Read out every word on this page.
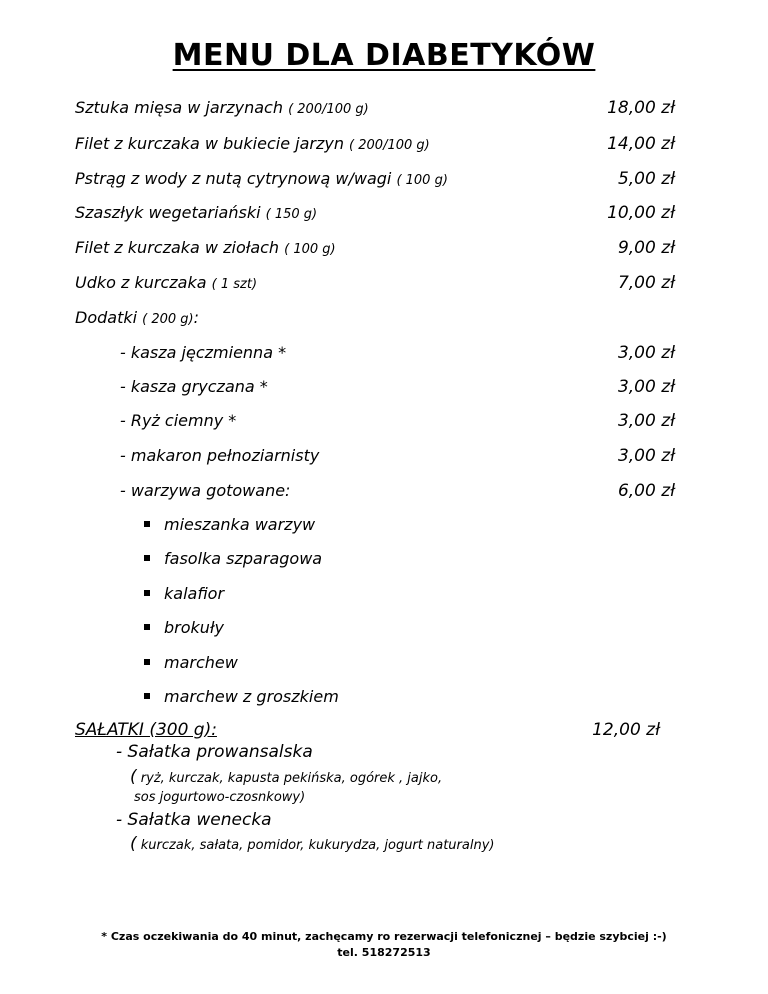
MENU DLA DIABETYKÓW
Sztuka mięsa w jarzynach ( 200/100 g)	18,00 zł
Filet z kurczaka w bukiecie jarzyn ( 200/100 g)	14,00 zł
Pstrąg z wody z nutą cytrynową w/wagi ( 100 g)	5,00 zł
Szaszłyk wegetariański ( 150 g)	10,00 zł
Filet z kurczaka w ziołach ( 100 g)	9,00 zł
Udko z kurczaka ( 1 szt)	7,00 zł
Dodatki ( 200 g):
- kasza jęczmienna *	3,00 zł
- kasza gryczana *	3,00 zł
- Ryż ciemny *	3,00 zł
- makaron pełnoziarnisty	3,00 zł
- warzywa gotowane:	6,00 zł
mieszanka warzyw
fasolka szparagowa
kalafior
brokuły
marchew
marchew z groszkiem
SAŁATKI (300 g):	12,00 zł
- Sałatka prowansalska
( ryż, kurczak, kapusta pekińska, ogórek , jajko,
sos jogurtowo-czosnkowy)
- Sałatka wenecka
( kurczak, sałata, pomidor, kukurydza, jogurt naturalny)
* Czas oczekiwania do 40 minut, zachęcamy ro rezerwacji telefonicznej – będzie szybciej :-)
tel. 518272513
